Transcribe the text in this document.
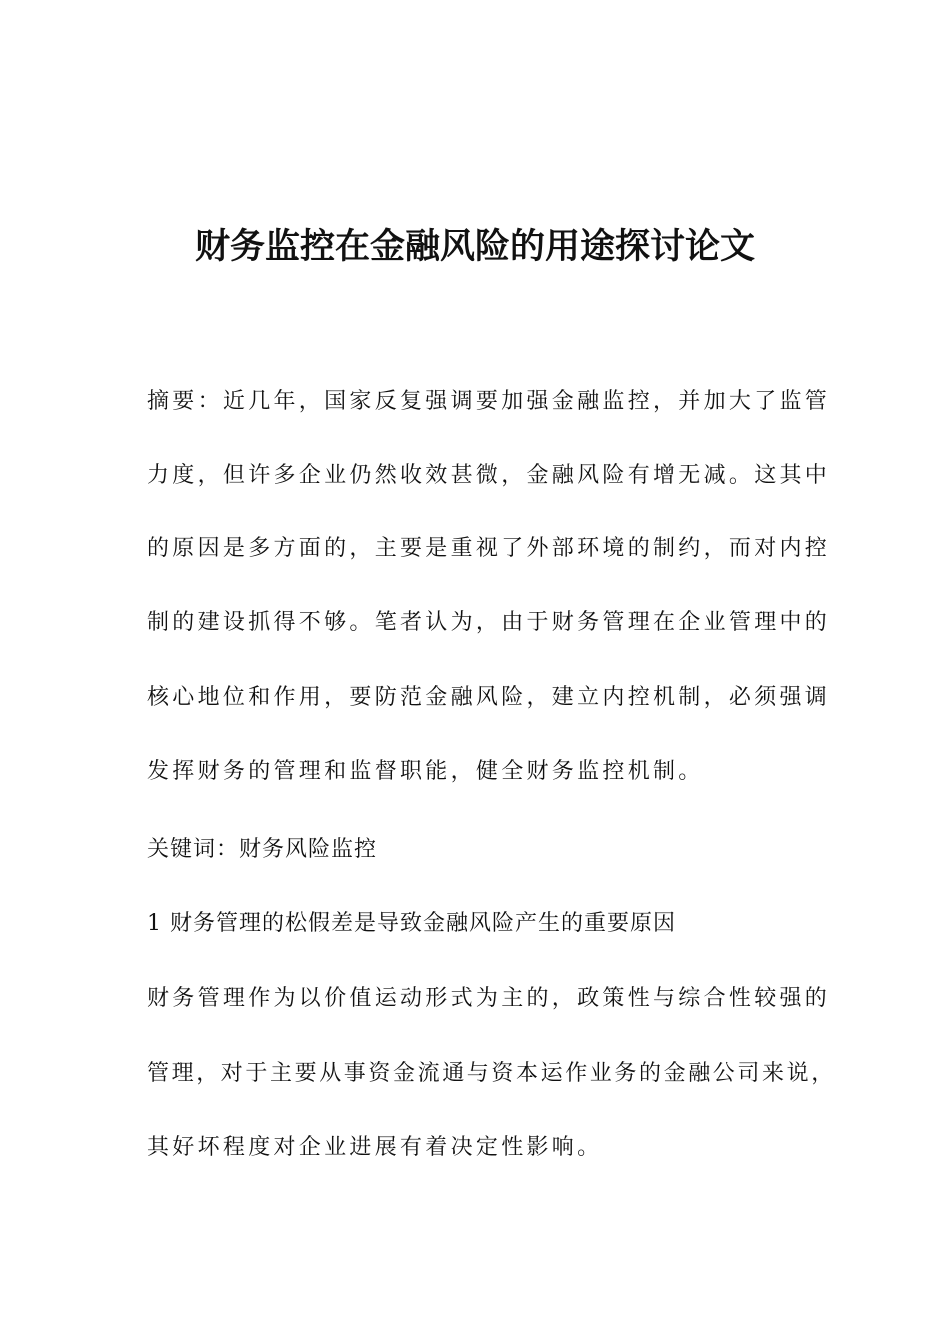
财务监控在金融风险的用途探讨论文

摘要：近几年，国家反复强调要加强金融监控，并加大了监管

力度，但许多企业仍然收效甚微，金融风险有增无减。这其中

的原因是多方面的，主要是重视了外部环境的制约，而对内控

制的建设抓得不够。笔者认为，由于财务管理在企业管理中的

核心地位和作用，要防范金融风险，建立内控机制，必须强调

发挥财务的管理和监督职能，健全财务监控机制。

关键词：财务风险监控

1 财务管理的松假差是导致金融风险产生的重要原因

财务管理作为以价值运动形式为主的，政策性与综合性较强的

管理，对于主要从事资金流通与资本运作业务的金融公司来说，

其好坏程度对企业进展有着决定性影响。
